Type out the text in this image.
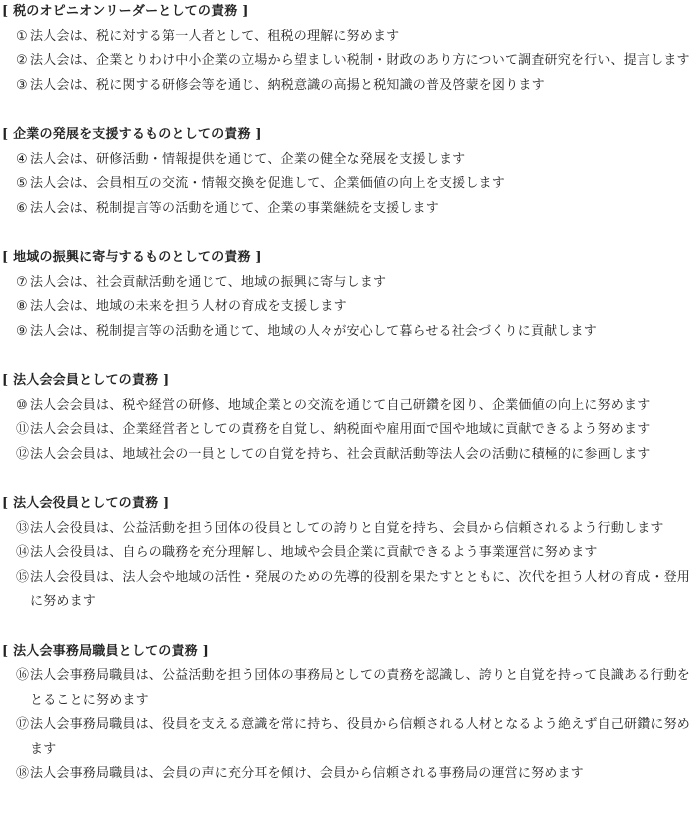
[ 税のオピニオンリーダーとしての責務 ]
① 法人会は、税に対する第一人者として、租税の理解に努めます
② 法人会は、企業とりわけ中小企業の立場から望ましい税制・財政のあり方について調査研究を行い、提言します
③ 法人会は、税に関する研修会等を通じ、納税意識の高揚と税知識の普及啓蒙を図ります
[ 企業の発展を支援するものとしての責務 ]
④ 法人会は、研修活動・情報提供を通じて、企業の健全な発展を支援します
⑤ 法人会は、会員相互の交流・情報交換を促進して、企業価値の向上を支援します
⑥ 法人会は、税制提言等の活動を通じて、企業の事業継続を支援します
[ 地域の振興に寄与するものとしての責務 ]
⑦ 法人会は、社会貢献活動を通じて、地域の振興に寄与します
⑧ 法人会は、地域の未来を担う人材の育成を支援します
⑨ 法人会は、税制提言等の活動を通じて、地域の人々が安心して暮らせる社会づくりに貢献します
[ 法人会会員としての責務 ]
⑩ 法人会会員は、税や経営の研修、地域企業との交流を通じて自己研鑽を図り、企業価値の向上に努めます
⑪法人会会員は、企業経営者としての責務を自覚し、納税面や雇用面で国や地域に貢献できるよう努めます
⑫法人会会員は、地域社会の一員としての自覚を持ち、社会貢献活動等法人会の活動に積極的に参画します
[ 法人会役員としての責務 ]
⑬法人会役員は、公益活動を担う団体の役員としての誇りと自覚を持ち、会員から信頼されるよう行動します
⑭法人会役員は、自らの職務を充分理解し、地域や会員企業に貢献できるよう事業運営に努めます
⑮法人会役員は、法人会や地域の活性・発展のための先導的役割を果たすとともに、次代を担う人材の育成・登用に努めます
[ 法人会事務局職員としての責務 ]
⑯法人会事務局職員は、公益活動を担う団体の事務局としての責務を認識し、誇りと自覚を持って良識ある行動をとることに努めます
⑰法人会事務局職員は、役員を支える意識を常に持ち、役員から信頼される人材となるよう絶えず自己研鑽に努めます
⑱法人会事務局職員は、会員の声に充分耳を傾け、会員から信頼される事務局の運営に努めます
